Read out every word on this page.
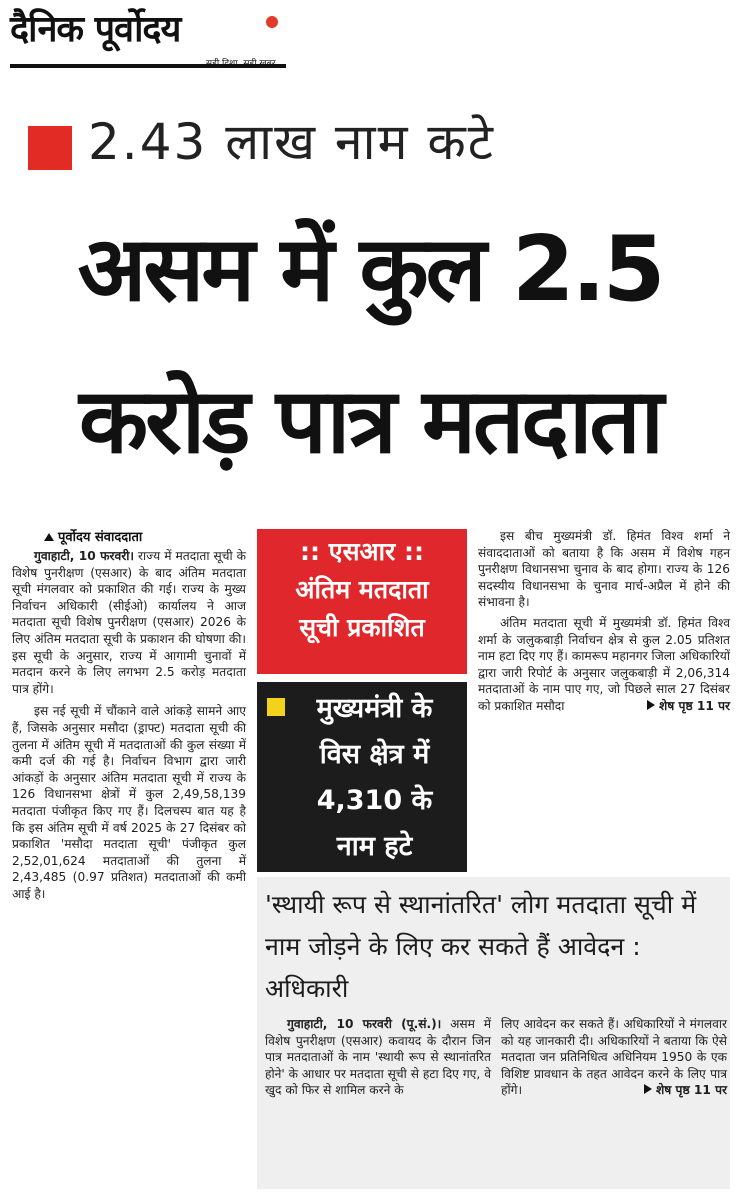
दैनिक पूर्वोदय
सही दिशा, सही खबर
2.43 लाख नाम कटे
असम में कुल 2.5
करोड़ पात्र मतदाता
पूर्वोदय संवाददाता

गुवाहाटी, 10 फरवरी। राज्य में मतदाता सूची के विशेष पुनरीक्षण (एसआर) के बाद अंतिम मतदाता सूची मंगलवार को प्रकाशित की गई। राज्य के मुख्य निर्वाचन अधिकारी (सीईओ) कार्यालय ने आज मतदाता सूची विशेष पुनरीक्षण (एसआर) 2026 के लिए अंतिम मतदाता सूची के प्रकाशन की घोषणा की। इस सूची के अनुसार, राज्य में आगामी चुनावों में मतदान करने के लिए लगभग 2.5 करोड़ मतदाता पात्र होंगे।

इस नई सूची में चौंकाने वाले आंकड़े सामने आए हैं, जिसके अनुसार मसौदा (ड्राफ्ट) मतदाता सूची की तुलना में अंतिम सूची में मतदाताओं की कुल संख्या में कमी दर्ज की गई है। निर्वाचन विभाग द्वारा जारी आंकड़ों के अनुसार अंतिम मतदाता सूची में राज्य के 126 विधानसभा क्षेत्रों में कुल 2,49,58,139 मतदाता पंजीकृत किए गए हैं। दिलचस्प बात यह है कि इस अंतिम सूची में वर्ष 2025 के 27 दिसंबर को प्रकाशित 'मसौदा मतदाता सूची' पंजीकृत कुल 2,52,01,624 मतदाताओं की तुलना में 2,43,485 (0.97 प्रतिशत) मतदाताओं की कमी आई है।

:: एसआर ::
अंतिम मतदाता
सूची प्रकाशित
मुख्यमंत्री के
विस क्षेत्र में
4,310 के
नाम हटे

इस बीच मुख्यमंत्री डॉ. हिमंत विश्व शर्मा ने संवाददाताओं को बताया है कि असम में विशेष गहन पुनरीक्षण विधानसभा चुनाव के बाद होगा। राज्य के 126 सदस्यीय विधानसभा के चुनाव मार्च-अप्रैल में होने की संभावना है।

अंतिम मतदाता सूची में मुख्यमंत्री डॉ. हिमंत विश्व शर्मा के जलुकबाड़ी निर्वाचन क्षेत्र से कुल 2.05 प्रतिशत नाम हटा दिए गए हैं। कामरूप महानगर जिला अधिकारियों द्वारा जारी रिपोर्ट के अनुसार जलुकबाड़ी में 2,06,314 मतदाताओं के नाम पाए गए, जो पिछले साल 27 दिसंबर को प्रकाशित मसौदा	शेष पृष्ठ 11 पर

'स्थायी रूप से स्थानांतरित' लोग मतदाता सूची में नाम जोड़ने के लिए कर सकते हैं आवेदन : अधिकारी

गुवाहाटी, 10 फरवरी (पू.सं.)। असम में विशेष पुनरीक्षण (एसआर) कवायद के दौरान जिन पात्र मतदाताओं के नाम 'स्थायी रूप से स्थानांतरित होने' के आधार पर मतदाता सूची से हटा दिए गए, वे खुद को फिर से शामिल करने के

लिए आवेदन कर सकते हैं। अधिकारियों ने मंगलवार को यह जानकारी दी। अधिकारियों ने बताया कि ऐसे मतदाता जन प्रतिनिधित्व अधिनियम 1950 के एक विशिष्ट प्रावधान के तहत आवेदन करने के लिए पात्र होंगे।	शेष पृष्ठ 11 पर
